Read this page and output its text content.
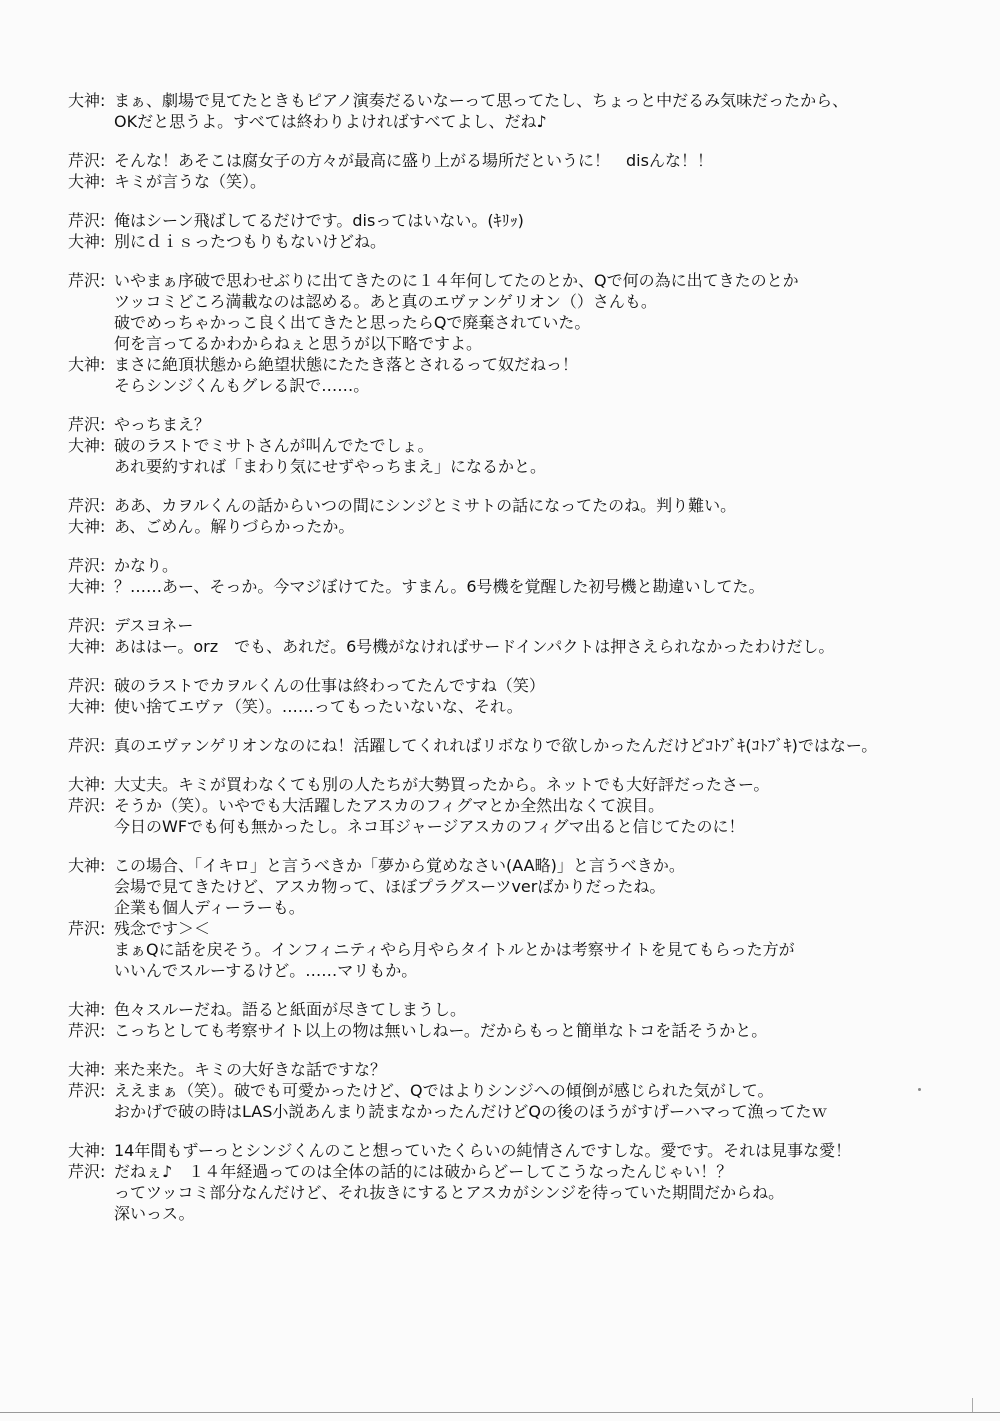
大神: まぁ、劇場で見てたときもピアノ演奏だるいなーって思ってたし、ちょっと中だるみ気味だったから、
OKだと思うよ。すべては終わりよければすべてよし、だね♪
芹沢: そんな！あそこは腐女子の方々が最高に盛り上がる場所だというに！　disんな！！
大神: キミが言うな（笑）。
芹沢: 俺はシーン飛ばしてるだけです。disってはいない。(ｷﾘｯ)
大神: 別にｄｉｓったつもりもないけどね。
芹沢: いやまぁ序破で思わせぶりに出てきたのに１４年何してたのとか、Qで何の為に出てきたのとか
ツッコミどころ満載なのは認める。あと真のエヴァンゲリオン（）さんも。
破でめっちゃかっこ良く出てきたと思ったらQで廃棄されていた。
何を言ってるかわからねぇと思うが以下略ですよ。
大神: まさに絶頂状態から絶望状態にたたき落とされるって奴だねっ！
そらシンジくんもグレる訳で……。
芹沢: やっちまえ？
大神: 破のラストでミサトさんが叫んでたでしょ。
あれ要約すれば「まわり気にせずやっちまえ」になるかと。
芹沢: ああ、カヲルくんの話からいつの間にシンジとミサトの話になってたのね。判り難い。
大神: あ、ごめん。解りづらかったか。
芹沢: かなり。
大神: ？……あー、そっか。今マジぼけてた。すまん。6号機を覚醒した初号機と勘違いしてた。
芹沢: デスヨネー
大神: あははー。orz　でも、あれだ。6号機がなければサードインパクトは押さえられなかったわけだし。
芹沢: 破のラストでカヲルくんの仕事は終わってたんですね（笑）
大神: 使い捨てエヴァ（笑）。……ってもったいないな、それ。
芹沢: 真のエヴァンゲリオンなのにね！活躍してくれればリボなりで欲しかったんだけどｺﾄﾌﾞｷ(ｺﾄﾌﾞｷ)ではなー。
大神: 大丈夫。キミが買わなくても別の人たちが大勢買ったから。ネットでも大好評だったさー。
芹沢: そうか（笑）。いやでも大活躍したアスカのフィグマとか全然出なくて涙目。
今日のWFでも何も無かったし。ネコ耳ジャージアスカのフィグマ出ると信じてたのに！
大神: この場合、「イキロ」と言うべきか「夢から覚めなさい(AA略)」と言うべきか。
会場で見てきたけど、アスカ物って、ほぼプラグスーツverばかりだったね。
企業も個人ディーラーも。
芹沢: 残念です＞＜
まぁQに話を戻そう。インフィニティやら月やらタイトルとかは考察サイトを見てもらった方が
いいんでスルーするけど。……マリもか。
大神: 色々スルーだね。語ると紙面が尽きてしまうし。
芹沢: こっちとしても考察サイト以上の物は無いしねー。だからもっと簡単なトコを話そうかと。
大神: 来た来た。キミの大好きな話ですな？
芹沢: ええまぁ（笑）。破でも可愛かったけど、Qではよりシンジへの傾倒が感じられた気がして。
おかげで破の時はLAS小説あんまり読まなかったんだけどQの後のほうがすげーハマって漁ってたｗ
大神: 14年間もずーっとシンジくんのこと想っていたくらいの純情さんですしな。愛です。それは見事な愛！
芹沢: だねぇ♪　１４年経過ってのは全体の話的には破からどーしてこうなったんじゃい！？
ってツッコミ部分なんだけど、それ抜きにするとアスカがシンジを待っていた期間だからね。
深いっス。
